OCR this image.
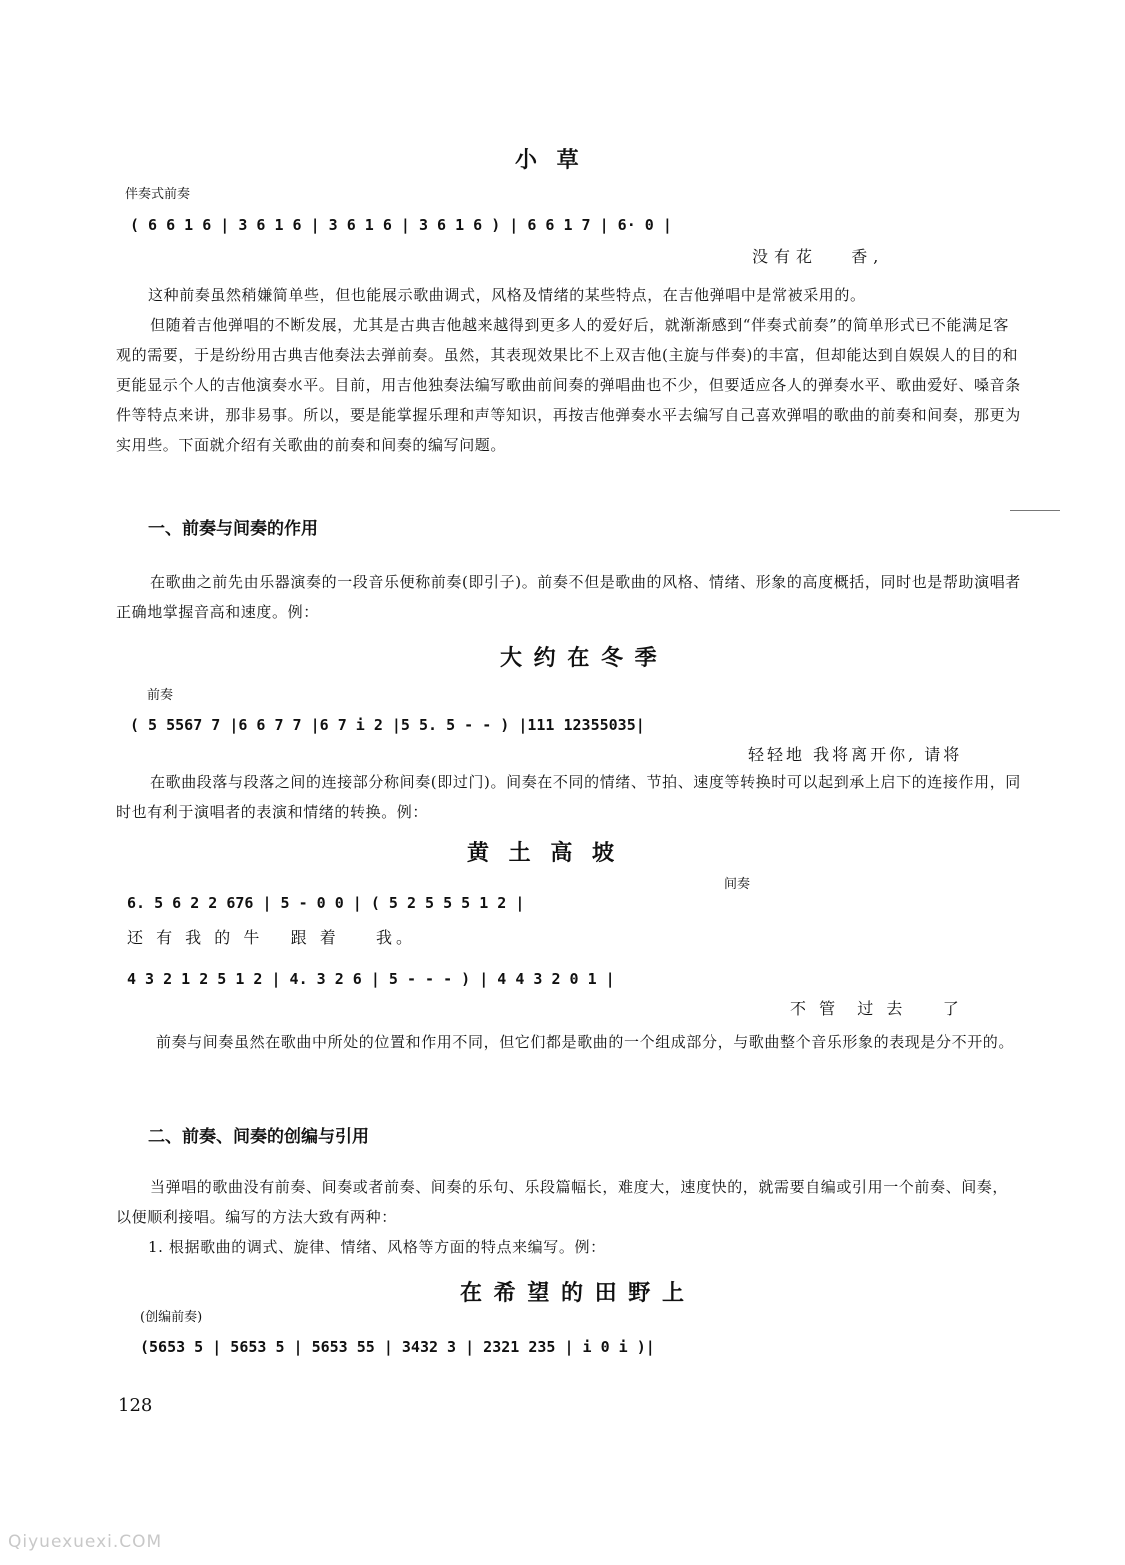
小 草
伴奏式前奏
( 6 6 1 6 | 3 6 1 6 | 3 6 1 6 | 3 6 1 6 ) | 6 6 1 7 | 6· 0 |
没有花   香,
这种前奏虽然稍嫌简单些，但也能展示歌曲调式，风格及情绪的某些特点，在吉他弹唱中是常被采用的。
但随着吉他弹唱的不断发展，尤其是古典吉他越来越得到更多人的爱好后，就渐渐感到“伴奏式前奏”的简单形式已不能满足客观的需要，于是纷纷用古典吉他奏法去弹前奏。虽然，其表现效果比不上双吉他(主旋与伴奏)的丰富，但却能达到自娱娱人的目的和更能显示个人的吉他演奏水平。目前，用吉他独奏法编写歌曲前间奏的弹唱曲也不少，但要适应各人的弹奏水平、歌曲爱好、嗓音条件等特点来讲，那非易事。所以，要是能掌握乐理和声等知识，再按吉他弹奏水平去编写自己喜欢弹唱的歌曲的前奏和间奏，那更为实用些。下面就介绍有关歌曲的前奏和间奏的编写问题。
一、前奏与间奏的作用
在歌曲之前先由乐器演奏的一段音乐便称前奏(即引子)。前奏不但是歌曲的风格、情绪、形象的高度概括，同时也是帮助演唱者正确地掌握音高和速度。例：
大 约 在 冬 季
前奏
( 5 5567 7 |6 6 7 7 |6 7 i 2 |5 5. 5 - - ) |111 12355035|
轻轻地 我将离开你, 请将
在歌曲段落与段落之间的连接部分称间奏(即过门)。间奏在不同的情绪、节拍、速度等转换时可以起到承上启下的连接作用，同时也有利于演唱者的表演和情绪的转换。例：
黄 土 高 坡
间奏
6. 5 6 2 2 676 | 5 - 0 0 | ( 5 2 5 5 5 1 2 |
还 有 我 的 牛   跟 着    我。
4 3 2 1 2 5 1 2 | 4. 3 2 6 | 5 - - - ) | 4 4 3 2 0 1 |
不 管  过 去    了
前奏与间奏虽然在歌曲中所处的位置和作用不同，但它们都是歌曲的一个组成部分，与歌曲整个音乐形象的表现是分不开的。
二、前奏、间奏的创编与引用
当弹唱的歌曲没有前奏、间奏或者前奏、间奏的乐句、乐段篇幅长，难度大，速度快的，就需要自编或引用一个前奏、间奏，以便顺利接唱。编写的方法大致有两种：
1. 根据歌曲的调式、旋律、情绪、风格等方面的特点来编写。例：
在 希 望 的 田 野 上
(创编前奏)
(5653 5 | 5653 5 | 5653 55 | 3432 3 | 2321 235 | i 0 i )|
128
Qiyuexuexi.COM
